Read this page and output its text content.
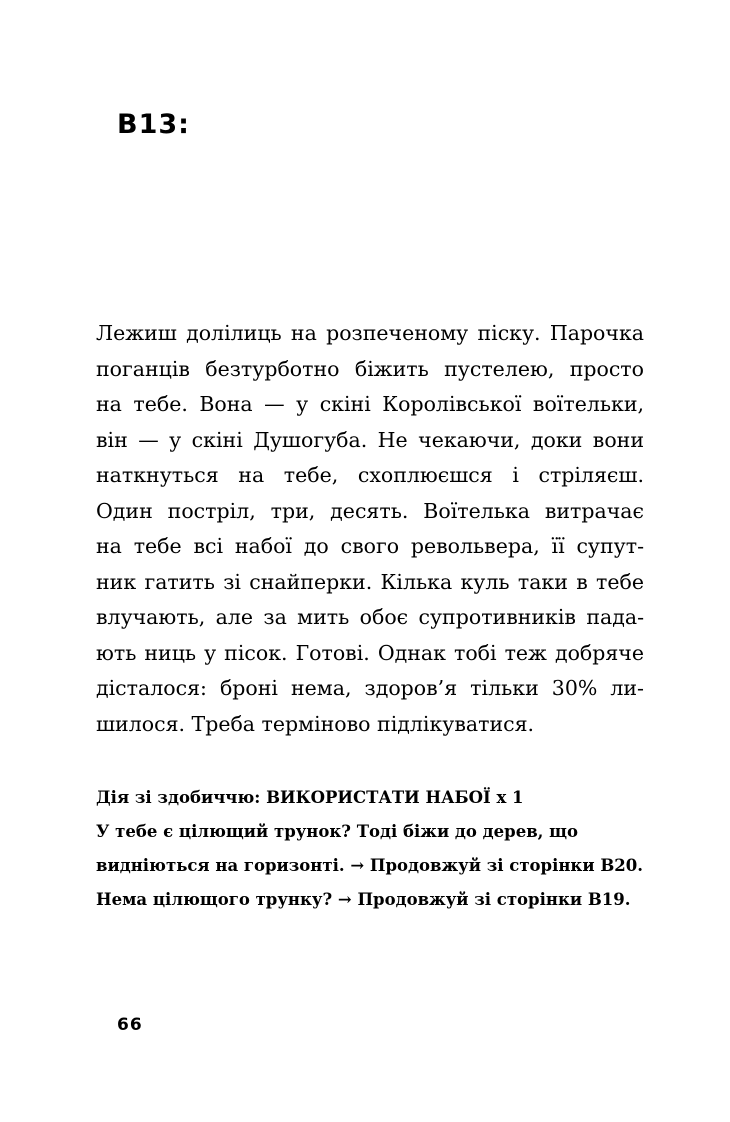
B13:
Лежиш долілиць на розпеченому піску. Парочка
поганців безтурботно біжить пустелею, просто
на тебе. Вона — у скіні Королівської воїтельки,
він — у скіні Душогуба. Не чекаючи, доки вони
наткнуться на тебе, схоплюєшся і стріляєш.
Один постріл, три, десять. Воїтелька витрачає
на тебе всі набої до свого револьвера, її супут-
ник гатить зі снайперки. Кілька куль таки в тебе
влучають, але за мить обоє супротивників пада-
ють ниць у пісок. Готові. Однак тобі теж добряче
дісталося: броні нема, здоров’я тільки 30% ли-
шилося. Треба терміново підлікуватися.
Дія зі здобиччю: ВИКОРИСТАТИ НАБОЇ x 1
У тебе є цілющий трунок? Тоді біжи до дерев, що
видніються на горизонті. → Продовжуй зі сторінки В20.
Нема цілющого трунку? → Продовжуй зі сторінки В19.
66
